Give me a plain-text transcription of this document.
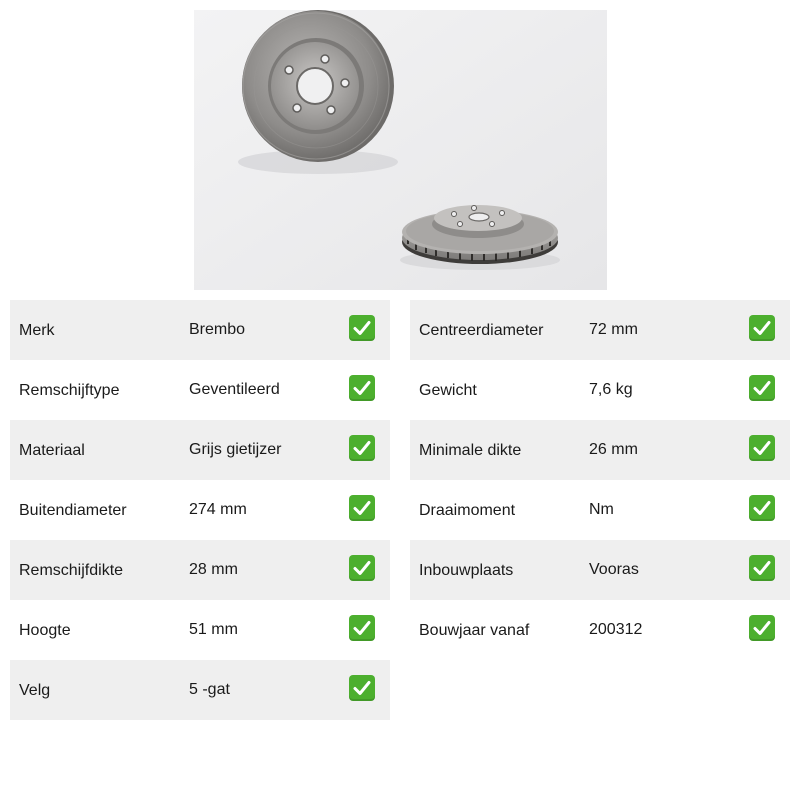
Merk	Brembo
Remschijftype	Geventileerd
Materiaal	Grijs gietijzer
Buitendiameter	274 mm
Remschijfdikte	28 mm
Hoogte	51 mm
Velg	5 -gat
Centreerdiameter	72 mm
Gewicht	7,6 kg
Minimale dikte	26 mm
Draaimoment	Nm
Inbouwplaats	Vooras
Bouwjaar vanaf	200312
